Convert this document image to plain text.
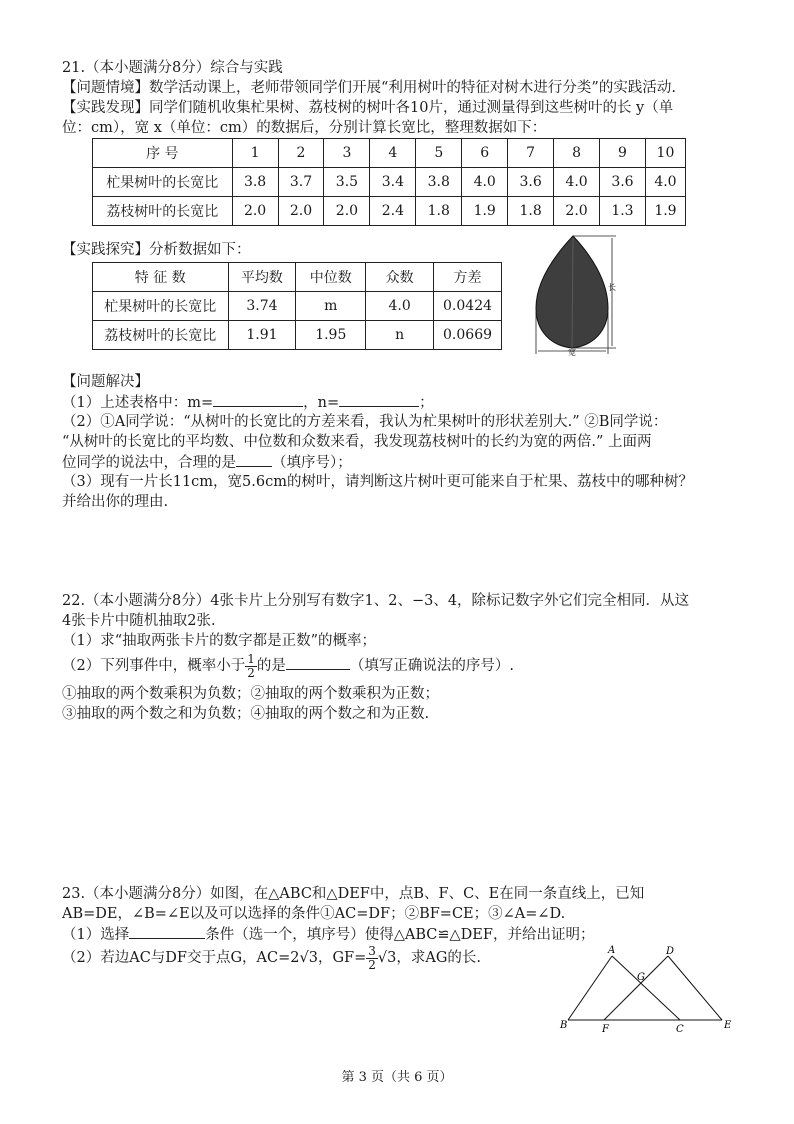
21.（本小题满分8分）综合与实践
【问题情境】数学活动课上，老师带领同学们开展“利用树叶的特征对树木进行分类”的实践活动.
【实践发现】同学们随机收集杧果树、荔枝树的树叶各10片，通过测量得到这些树叶的长 y（单
位：cm），宽 x（单位：cm）的数据后，分别计算长宽比，整理数据如下：
序 号	1	2	3	4	5	6	7	8	9	10
杧果树叶的长宽比	3.8	3.7	3.5	3.4	3.8	4.0	3.6	4.0	3.6	4.0
荔枝树叶的长宽比	2.0	2.0	2.0	2.4	1.8	1.9	1.8	2.0	1.3	1.9
【实践探究】分析数据如下：
特 征 数	平均数	中位数	众数	方差
杧果树叶的长宽比	3.74	m	4.0	0.0424
荔枝树叶的长宽比	1.91	1.95	n	0.0669
长
宽
【问题解决】
（1）上述表格中：m=	，n=	；
（2）①A同学说：“从树叶的长宽比的方差来看，我认为杧果树叶的形状差别大.” ②B同学说：
“从树叶的长宽比的平均数、中位数和众数来看，我发现荔枝树叶的长约为宽的两倍.” 上面两
位同学的说法中，合理的是 （填序号）；
（3）现有一片长11cm，宽5.6cm的树叶，请判断这片树叶更可能来自于杧果、荔枝中的哪种树？
并给出你的理由.
22.（本小题满分8分）4张卡片上分别写有数字1、2、−3、4，除标记数字外它们完全相同．从这
4张卡片中随机抽取2张.
（1）求“抽取两张卡片的数字都是正数”的概率；
（2）下列事件中，概率小于 $\frac{1}{2}$ 的是	（填写正确说法的序号）.
①抽取的两个数乘积为负数；②抽取的两个数乘积为正数；
③抽取的两个数之和为负数；④抽取的两个数之和为正数.
23.（本小题满分8分）如图，在△ABC和△DEF中，点B、F、C、E在同一条直线上，已知
AB=DE，∠B=∠E以及可以选择的条件①AC=DF；②BF=CE；③∠A=∠D.
（1）选择	条件（选一个，填序号）使得△ABC≌△DEF，并给出证明；
（2）若边AC与DF交于点G，AC=2√3，$GF= \frac{3}{2} √3$，求AG的长.	A	D
G
B	F	C	E
第 3 页（共 6 页）
